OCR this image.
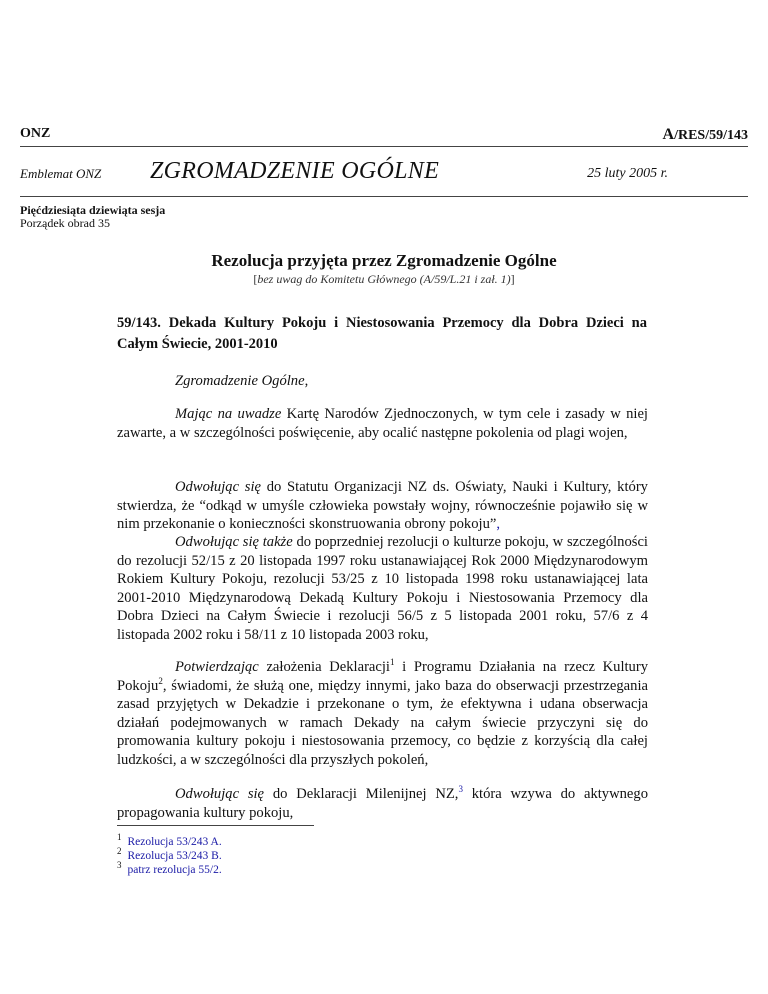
ONZ	A/RES/59/143
Emblemat ONZ ZGROMADZENIE OGÓLNE	25 luty 2005 r.
Pięćdziesiąta dziewiąta sesja
Porządek obrad 35
Rezolucja przyjęta przez Zgromadzenie Ogólne
[bez uwag do Komitetu Głównego (A/59/L.21 i zał. 1)]
59/143. Dekada Kultury Pokoju i Niestosowania Przemocy dla Dobra Dzieci na Całym Świecie, 2001-2010
Zgromadzenie Ogólne,
Mając na uwadze Kartę Narodów Zjednoczonych, w tym cele i zasady w niej zawarte, a w szczególności poświęcenie, aby ocalić następne pokolenia od plagi wojen,
Odwołując się do Statutu Organizacji NZ ds. Oświaty, Nauki i Kultury, który stwierdza, że “odkąd w umyśle człowieka powstały wojny, równocześnie pojawiło się w nim przekonanie o konieczności skonstruowania obrony pokoju”,
Odwołując się także do poprzedniej rezolucji o kulturze pokoju, w szczególności do rezolucji 52/15 z 20 listopada 1997 roku ustanawiającej Rok 2000 Międzynarodowym Rokiem Kultury Pokoju, rezolucji 53/25 z 10 listopada 1998 roku ustanawiającej lata 2001-2010 Międzynarodową Dekadą Kultury Pokoju i Niestosowania Przemocy dla Dobra Dzieci na Całym Świecie i rezolucji 56/5 z 5 listopada 2001 roku, 57/6 z 4 listopada 2002 roku i 58/11 z 10 listopada 2003 roku,
Potwierdzając założenia Deklaracji$^1$ i Programu Działania na rzecz Kultury Pokoju$^2$, świadomi, że służą one, między innymi, jako baza do obserwacji przestrzegania zasad przyjętych w Dekadzie i przekonane o tym, że efektywna i udana obserwacja działań podejmowanych w ramach Dekady na całym świecie przyczyni się do promowania kultury pokoju i niestosowania przemocy, co będzie z korzyścią dla całej ludzkości, a w szczególności dla przyszłych pokoleń,
Odwołując się do Deklaracji Milenijnej NZ,$^3$ która wzywa do aktywnego propagowania kultury pokoju,
$^1$ Rezolucja 53/243 A.
$^2$ Rezolucja 53/243 B.
$^3$ patrz rezolucja 55/2.
